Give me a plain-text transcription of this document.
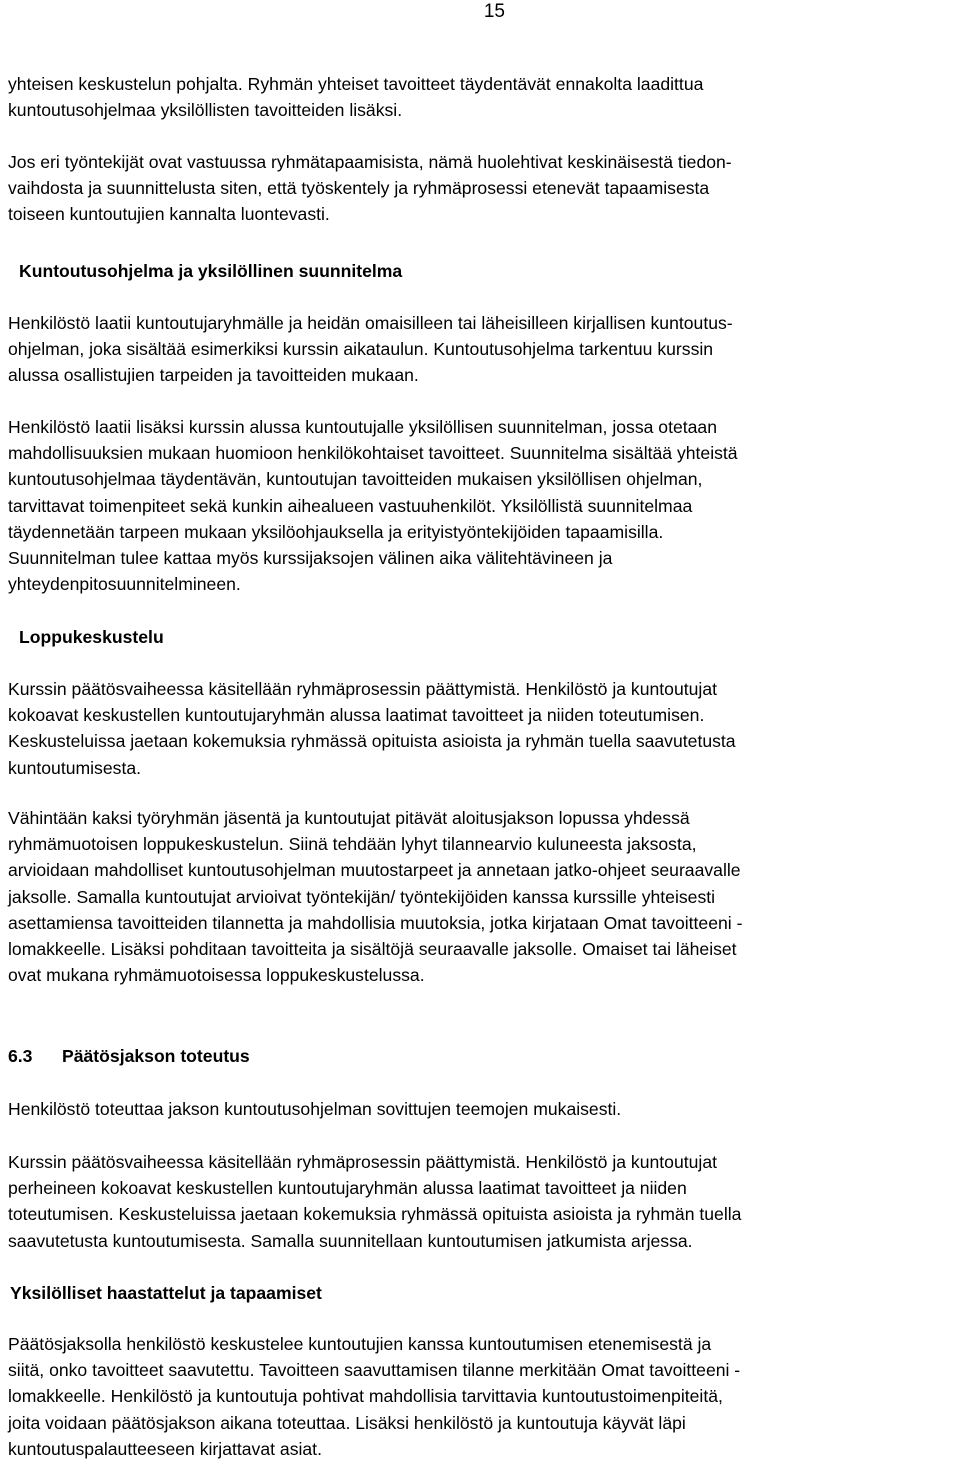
15

yhteisen keskustelun pohjalta. Ryhmän yhteiset tavoitteet täydentävät ennakolta laadittua
kuntoutusohjelmaa yksilöllisten tavoitteiden lisäksi.

Jos eri työntekijät ovat vastuussa ryhmätapaamisista, nämä huolehtivat keskinäisestä tiedon-
vaihdosta ja suunnittelusta siten, että työskentely ja ryhmäprosessi etenevät tapaamisesta
toiseen kuntoutujien kannalta luontevasti.

Kuntoutusohjelma ja yksilöllinen suunnitelma

Henkilöstö laatii kuntoutujaryhmälle ja heidän omaisilleen tai läheisilleen kirjallisen kuntoutus-
ohjelman, joka sisältää esimerkiksi kurssin aikataulun. Kuntoutusohjelma tarkentuu kurssin
alussa osallistujien tarpeiden ja tavoitteiden mukaan.

Henkilöstö laatii lisäksi kurssin alussa kuntoutujalle yksilöllisen suunnitelman, jossa otetaan
mahdollisuuksien mukaan huomioon henkilökohtaiset tavoitteet. Suunnitelma sisältää yhteistä
kuntoutusohjelmaa täydentävän, kuntoutujan tavoitteiden mukaisen yksilöllisen ohjelman,
tarvittavat toimenpiteet sekä kunkin aihealueen vastuuhenkilöt. Yksilöllistä suunnitelmaa
täydennetään tarpeen mukaan yksilöohjauksella ja erityistyöntekijöiden tapaamisilla.
Suunnitelman tulee kattaa myös kurssijaksojen välinen aika välitehtävineen ja
yhteydenpitosuunnitelmineen.

Loppukeskustelu

Kurssin päätösvaiheessa käsitellään ryhmäprosessin päättymistä. Henkilöstö ja kuntoutujat
kokoavat keskustellen kuntoutujaryhmän alussa laatimat tavoitteet ja niiden toteutumisen.
Keskusteluissa jaetaan kokemuksia ryhmässä opituista asioista ja ryhmän tuella saavutetusta
kuntoutumisesta.

Vähintään kaksi työryhmän jäsentä ja kuntoutujat pitävät aloitusjakson lopussa yhdessä
ryhmämuotoisen loppukeskustelun. Siinä tehdään lyhyt tilannearvio kuluneesta jaksosta,
arvioidaan mahdolliset kuntoutusohjelman muutostarpeet ja annetaan jatko-ohjeet seuraavalle
jaksolle. Samalla kuntoutujat arvioivat työntekijän/ työntekijöiden kanssa kurssille yhteisesti
asettamiensa tavoitteiden tilannetta ja mahdollisia muutoksia, jotka kirjataan Omat tavoitteeni -
lomakkeelle. Lisäksi pohditaan tavoitteita ja sisältöjä seuraavalle jaksolle. Omaiset tai läheiset
ovat mukana ryhmämuotoisessa loppukeskustelussa.

6.3 Päätösjakson toteutus

Henkilöstö toteuttaa jakson kuntoutusohjelman sovittujen teemojen mukaisesti.

Kurssin päätösvaiheessa käsitellään ryhmäprosessin päättymistä. Henkilöstö ja kuntoutujat
perheineen kokoavat keskustellen kuntoutujaryhmän alussa laatimat tavoitteet ja niiden
toteutumisen. Keskusteluissa jaetaan kokemuksia ryhmässä opituista asioista ja ryhmän tuella
saavutetusta kuntoutumisesta. Samalla suunnitellaan kuntoutumisen jatkumista arjessa.

Yksilölliset haastattelut ja tapaamiset

Päätösjaksolla henkilöstö keskustelee kuntoutujien kanssa kuntoutumisen etenemisestä ja
siitä, onko tavoitteet saavutettu. Tavoitteen saavuttamisen tilanne merkitään Omat tavoitteeni -
lomakkeelle. Henkilöstö ja kuntoutuja pohtivat mahdollisia tarvittavia kuntoutustoimenpiteitä,
joita voidaan päätösjakson aikana toteuttaa. Lisäksi henkilöstö ja kuntoutuja käyvät läpi
kuntoutuspalautteeseen kirjattavat asiat.
